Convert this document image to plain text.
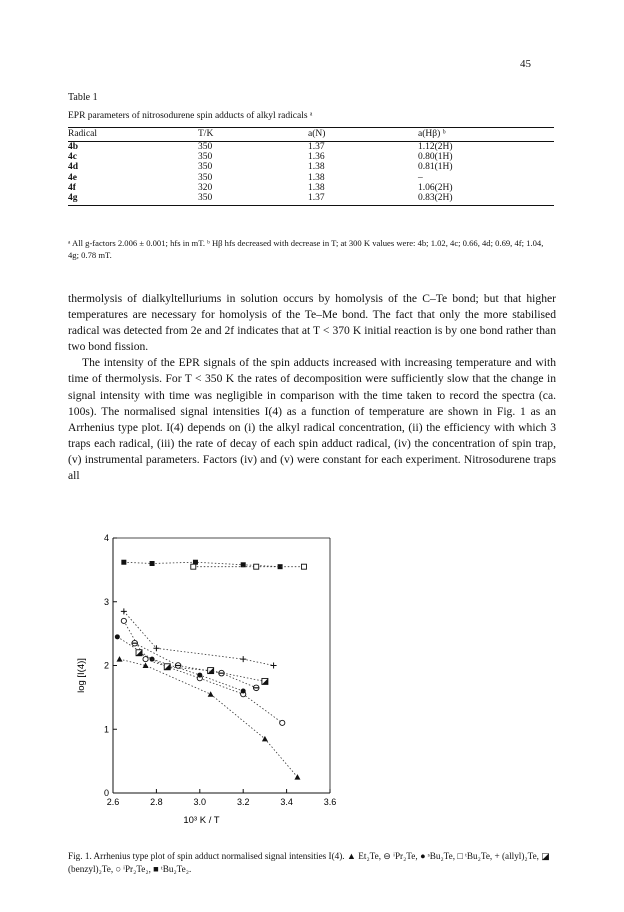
45
Table 1
EPR parameters of nitrosodurene spin adducts of alkyl radicals ᵃ
Radical	T/K	a(N)	a(Hβ) ᵇ
4b	350	1.37	1.12(2H)
4c	350	1.36	0.80(1H)
4d	350	1.38	0.81(1H)
4e	350	1.38	–
4f	320	1.38	1.06(2H)
4g	350	1.37	0.83(2H)
ᵃ All g-factors 2.006 ± 0.001; hfs in mT. ᵇ Hβ hfs decreased with decrease in T; at 300 K values were: 4b; 1.02, 4c; 0.66, 4d; 0.69, 4f; 1.04, 4g; 0.78 mT.

thermolysis of dialkyltelluriums in solution occurs by homolysis of the C–Te bond; but that higher temperatures are necessary for homolysis of the Te–Me bond. The fact that only the more stabilised radical was detected from 2e and 2f indicates that at T < 370 K initial reaction is by one bond rather than two bond fission.

The intensity of the EPR signals of the spin adducts increased with increasing temperature and with time of thermolysis. For T < 350 K the rates of decomposition were sufficiently slow that the change in signal intensity with time was negligible in comparison with the time taken to record the spectra (ca. 100s). The normalised signal intensities I(4) as a function of temperature are shown in Fig. 1 as an Arrhenius type plot. I(4) depends on (i) the alkyl radical concentration, (ii) the efficiency with which 3 traps each radical, (iii) the rate of decay of each spin adduct radical, (iv) the concentration of spin trap, (v) instrumental parameters. Factors (iv) and (v) were constant for each experiment. Nitrosodurene traps all

2.6	2.8	3.0	3.2	3.4	3.6
0
1
2
3
4
10³ K / T
log [I(4)]
Fig. 1. Arrhenius type plot of spin adduct normalised signal intensities I(4). ▲ Et₂Te, ⊖ ⁱPr₂Te, ● ˢBu₂Te, □ ᵗBu₂Te, + (allyl)₂Te, ◪ (benzyl)₂Te, ○ ⁱPr₂Te₂, ■ ᵗBu₂Te₂.
